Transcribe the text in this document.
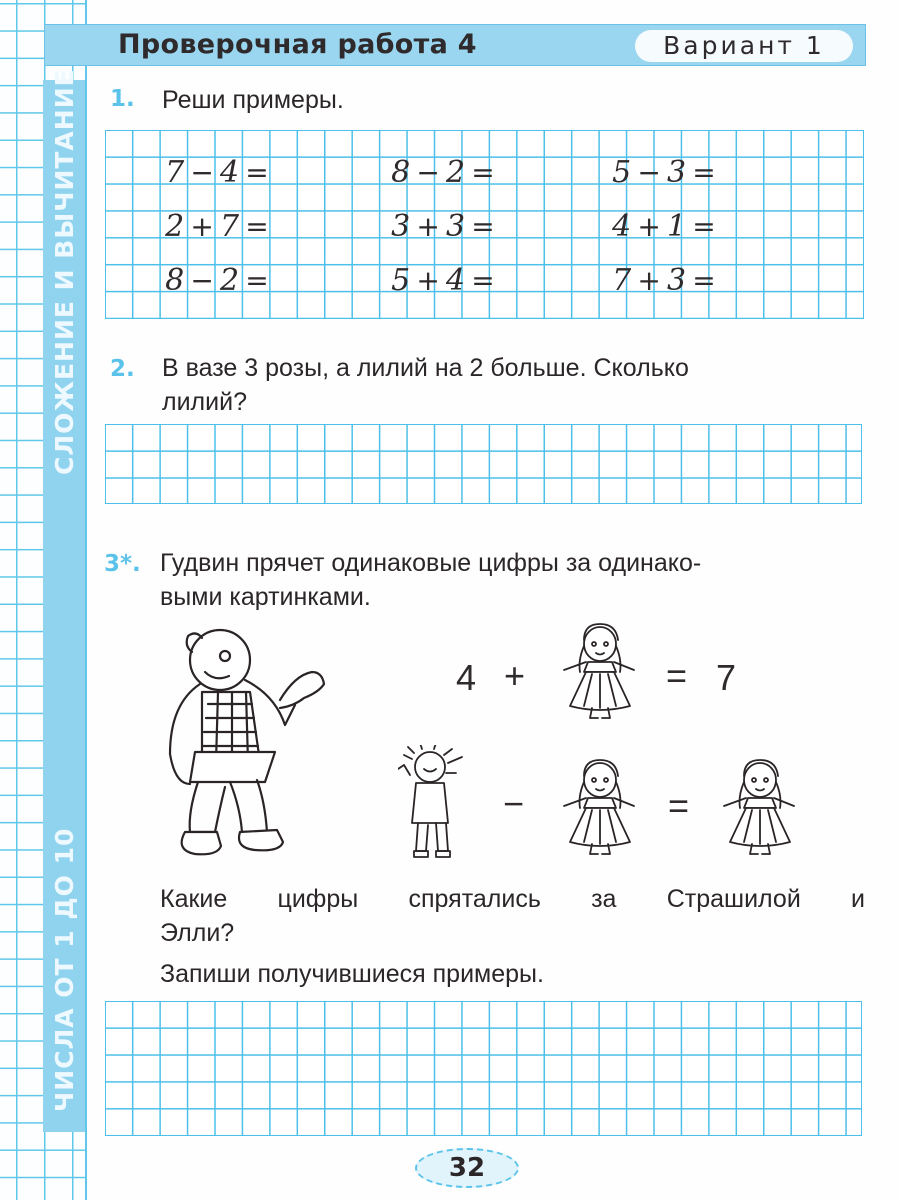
СЛОЖЕНИЕ И ВЫЧИТАНИЕ
ЧИСЛА ОТ 1 ДО 10
Проверочная работа 4	Вариант 1
1. Реши примеры.
7 − 4 =	8 − 2 =	5 − 3 =
2 + 7 =	3 + 3 =	4 + 1 =
8 − 2 =	5 + 4 =	7 + 3 =
2. В вазе 3 розы, а лилий на 2 больше. Сколько
лилий?
3*. Гудвин прячет одинаковые цифры за одинако-
выми картинками.
4 +	= 7
−	=
Какие цифры спрятались за Страшилой и
Элли?
Запиши получившиеся примеры.
32
